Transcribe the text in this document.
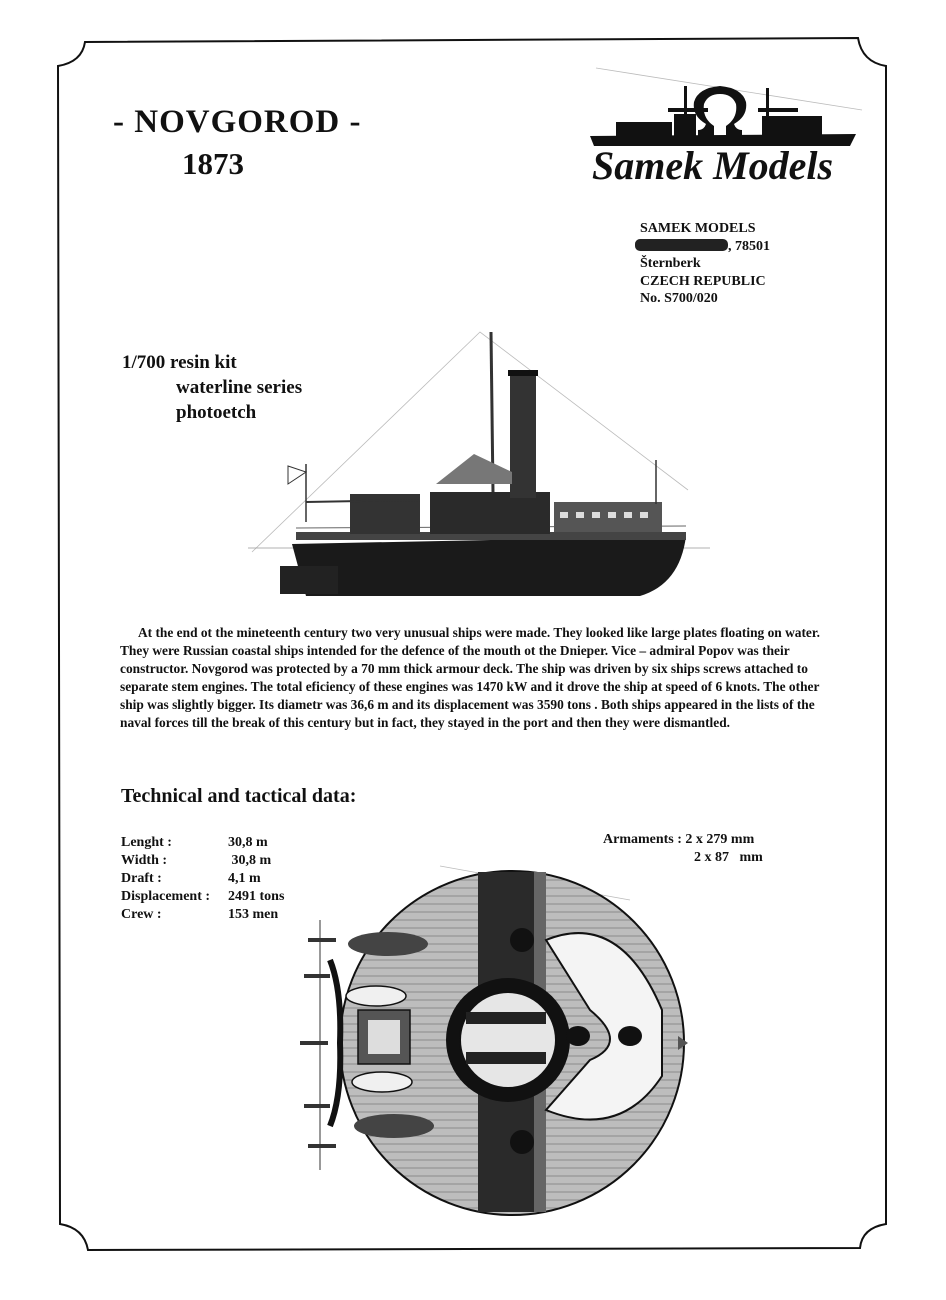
- NOVGOROD -
1873	Samek Models
SAMEK MODELS
, 78501
Šternberk
CZECH REPUBLIC
No. S700/020
1/700 resin kit
waterline series
photoetch

At the end ot the mineteenth century two very unusual ships were made. They looked like large plates floating on water. They were Russian coastal ships intended for the defence of the mouth ot the Dnieper. Vice – admiral Popov was their constructor. Novgorod was protected by a 70 mm thick armour deck. The ship was driven by six ships screws attached to separate stem engines. The total eficiency of these engines was 1470 kW and it drove the ship at speed of 6 knots. The other ship was slightly bigger. Its diametr was 36,6 m and its displacement was 3590 tons . Both ships appeared in the lists of the naval forces till the break of this century but in fact, they stayed in the port and then they were dismantled.

Technical and tactical data:
Lenght :	30,8 m
Width :	30,8 m
Draft :	4,1 m
Displacement :	2491 tons
Crew :	153 men
Armaments : 2 x 279 mm
2 x 87   mm
